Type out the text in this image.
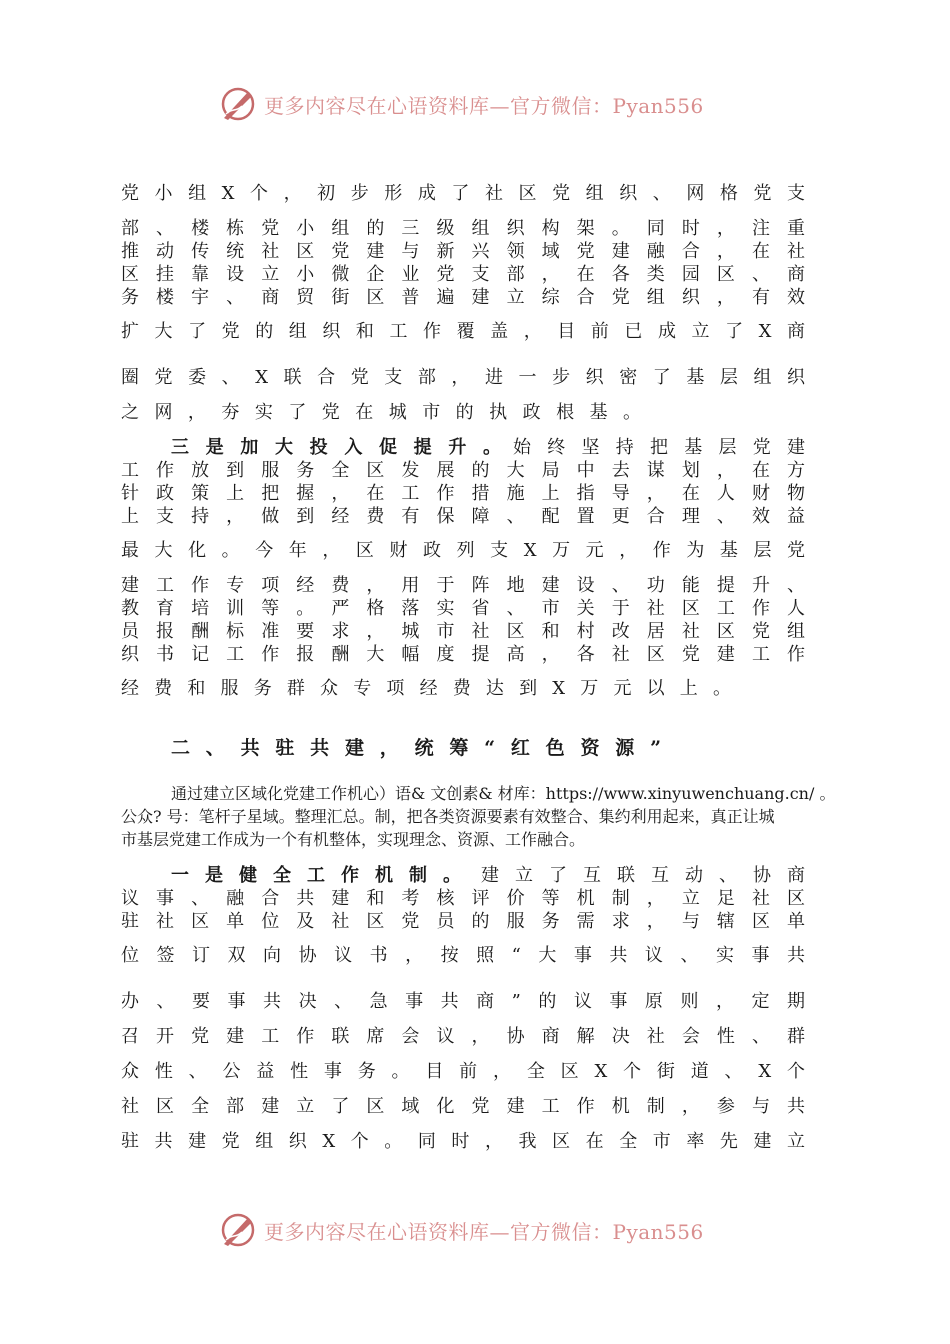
更多内容尽在心语资料库—官方微信：Pyan556

党小组X个，初步形成了社区党组织、网格党支

部、楼栋党小组的三级组织构架。同时，注重

推动传统社区党建与新兴领域党建融合，在社

区挂靠设立小微企业党支部，在各类园区、商

务楼宇、商贸街区普遍建立综合党组织，有效

扩大了党的组织和工作覆盖，目前已成立了X商

圈党委、X联合党支部，进一步织密了基层组织

之网，夯实了党在城市的执政根基。

三是加大投入促提升。 始终坚持把基层党建

工作放到服务全区发展的大局中去谋划，在方

针政策上把握，在工作措施上指导，在人财物

上支持，做到经费有保障、配置更合理、效益

最大化。今年，区财政列支X万元，作为基层党

建工作专项经费，用于阵地建设、功能提升、

教育培训等。严格落实省、市关于社区工作人

员报酬标准要求，城市社区和村改居社区党组

织书记工作报酬大幅度提高，各社区党建工作

经费和服务群众专项经费达到X万元以上。

二、共驻共建，统筹“红色资源”
通过建立区域化党建工作机心）语& 文创素& 材库：https://www.xinyuwenchuang.cn/ 。
公众? 号：笔杆子星域。整理汇总。制，把各类资源要素有效整合、集约利用起来，真正让城
市基层党建工作成为一个有机整体，实现理念、资源、工作融合。
一是健全工作机制。 建立了互联互动、协商

议事、融合共建和考核评价等机制，立足社区

驻社区单位及社区党员的服务需求，与辖区单

位签订双向协议书，按照“大事共议、实事共

办、要事共决、急事共商”的议事原则，定期

召开党建工作联席会议，协商解决社会性、群

众性、公益性事务。目前，全区X个街道、X个

社区全部建立了区域化党建工作机制，参与共

驻共建党组织X个。同时，我区在全市率先建立

更多内容尽在心语资料库—官方微信：Pyan556
